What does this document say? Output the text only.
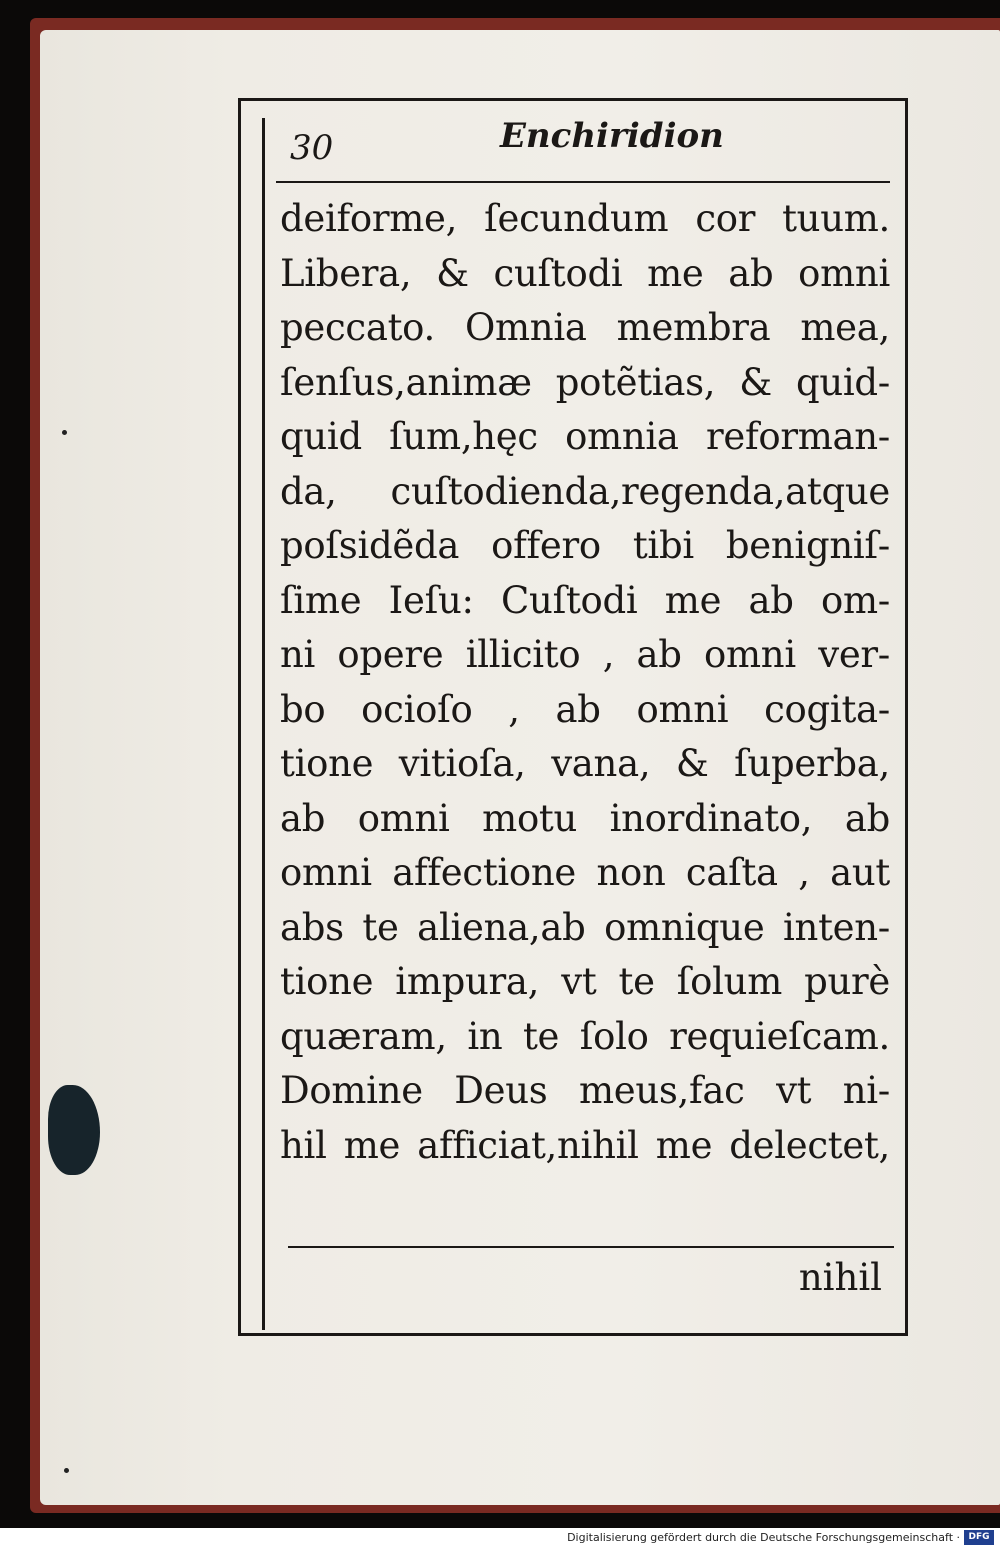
30	Enchiridion
deiforme, ſecundum cor tuum.
Libera, & cuſtodi me ab omni
peccato. Omnia membra mea,
ſenſus,animæ potẽtias, & quid-
quid ſum,hęc omnia reforman-
da, cuſtodienda,regenda,atque
poſsidẽda offero tibi benigniſ-
ſime Ieſu: Cuſtodi me ab om-
ni opere illicito , ab omni ver-
bo ocioſo , ab omni cogita-
tione vitioſa, vana, & ſuperba,
ab omni motu inordinato, ab
omni affectione non caſta , aut
abs te aliena,ab omnique inten-
tione impura, vt te ſolum purè
quæram, in te ſolo requieſcam.
Domine Deus meus,fac vt ni-
hil me afficiat,nihil me delectet,
nihil
Digitalisierung gefördert durch die Deutsche Forschungsgemeinschaft · DFG
